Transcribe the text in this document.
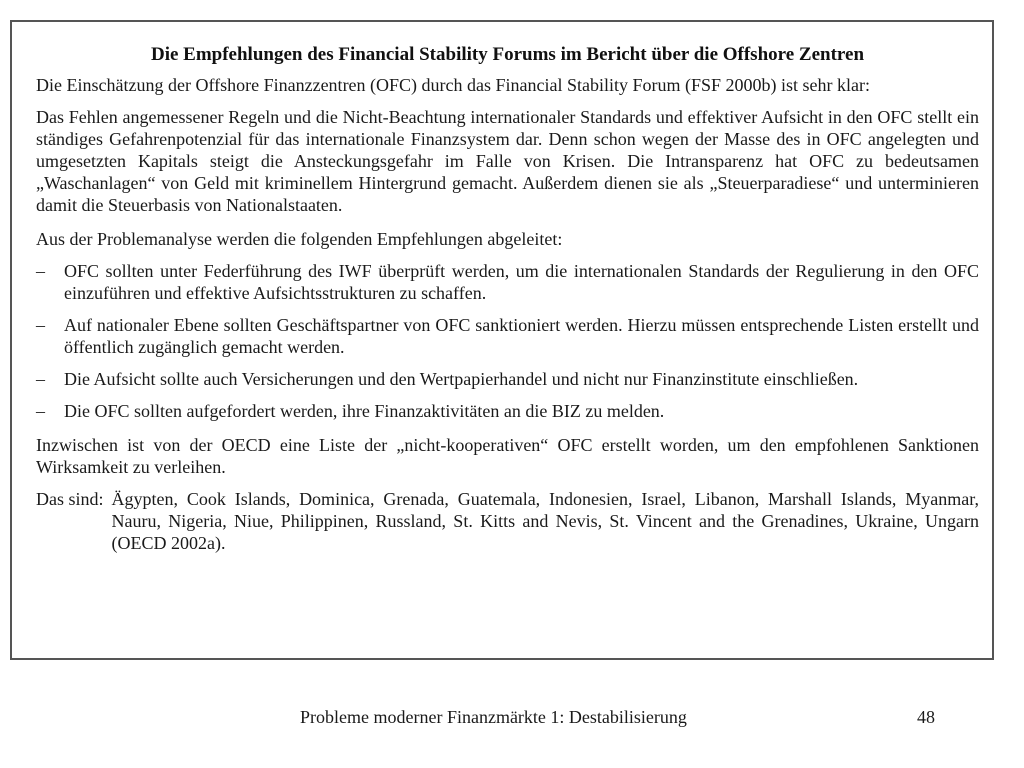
Die Empfehlungen des Financial Stability Forums im Bericht über die Offshore Zentren

Die Einschätzung der Offshore Finanzzentren (OFC) durch das Financial Stability Forum (FSF 2000b) ist sehr klar:

Das Fehlen angemessener Regeln und die Nicht-Beachtung internationaler Standards und effektiver Aufsicht in den OFC stellt ein ständiges Gefahrenpotenzial für das internationale Finanzsystem dar. Denn schon wegen der Masse des in OFC angelegten und umgesetzten Kapitals steigt die Ansteckungsgefahr im Falle von Krisen. Die Intransparenz hat OFC zu bedeutsamen „Waschanlagen“ von Geld mit kriminellem Hintergrund gemacht. Außerdem dienen sie als „Steuerparadiese“ und unterminieren damit die Steuerbasis von Nationalstaaten.

Aus der Problemanalyse werden die folgenden Empfehlungen abgeleitet:

– OFC sollten unter Federführung des IWF überprüft werden, um die internationalen Standards der Regulierung in den OFC einzuführen und effektive Aufsichtsstrukturen zu schaffen.
– Auf nationaler Ebene sollten Geschäftspartner von OFC sanktioniert werden. Hierzu müssen entsprechende Listen erstellt und öffentlich zugänglich gemacht werden.
– Die Aufsicht sollte auch Versicherungen und den Wertpapierhandel und nicht nur Finanzinstitute einschließen.
– Die OFC sollten aufgefordert werden, ihre Finanzaktivitäten an die BIZ zu melden.

Inzwischen ist von der OECD eine Liste der „nicht-kooperativen“ OFC erstellt worden, um den empfohlenen Sanktionen Wirksamkeit zu verleihen.

Das sind: Ägypten, Cook Islands, Dominica, Grenada, Guatemala, Indonesien, Israel, Libanon, Marshall Islands, Myanmar, Nauru, Nigeria, Niue, Philippinen, Russland, St. Kitts and Nevis, St. Vincent and the Grenadines, Ukraine, Ungarn (OECD 2002a).
Probleme moderner Finanzmärkte 1: Destabilisierung	48
